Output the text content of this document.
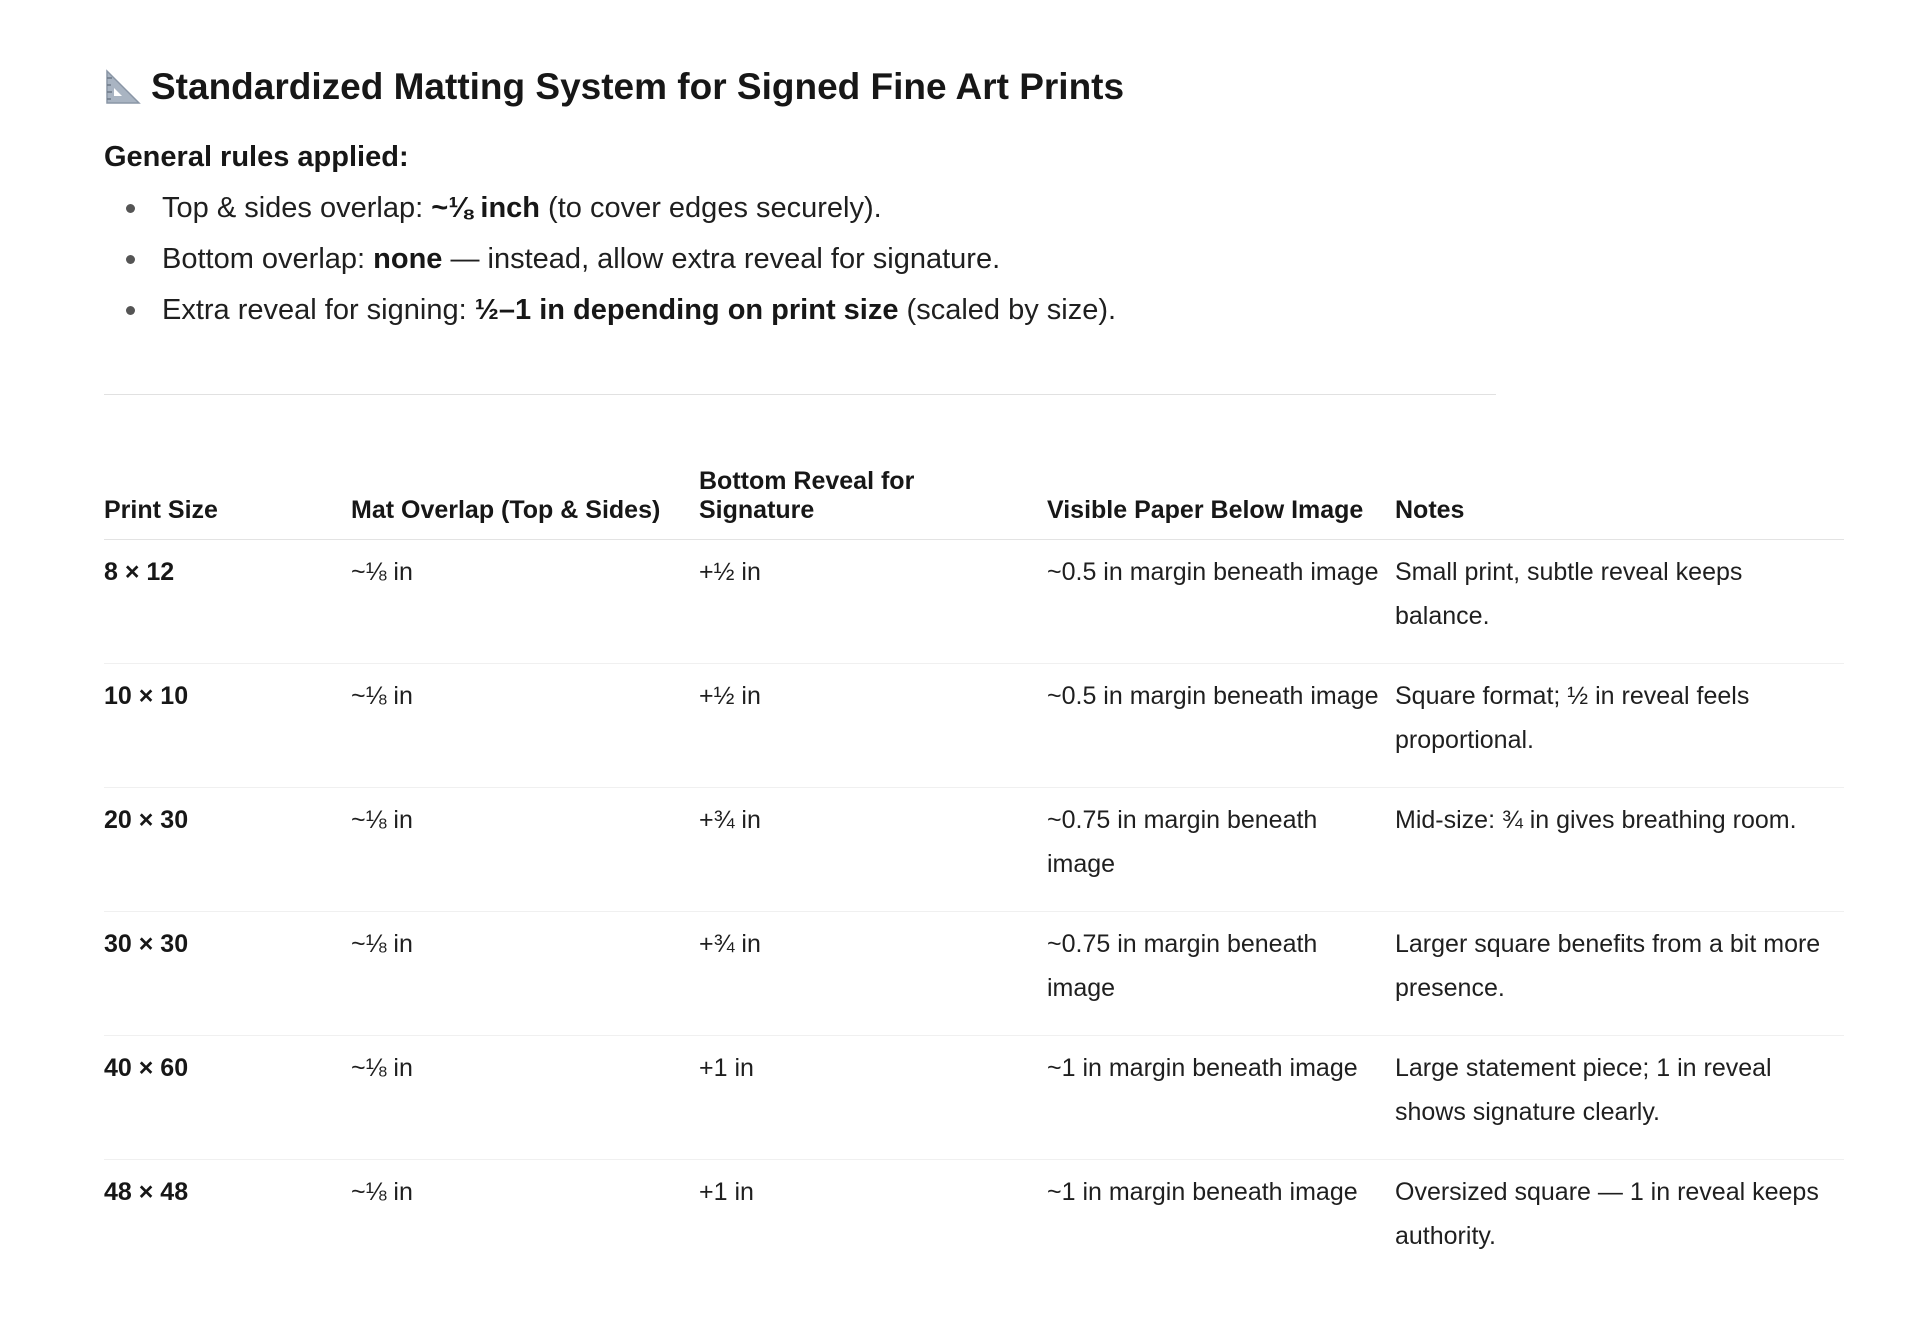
Standardized Matting System for Signed Fine Art Prints
General rules applied:
Top & sides overlap: ~⅛ inch (to cover edges securely).
Bottom overlap: none — instead, allow extra reveal for signature.
Extra reveal for signing: ½–1 in depending on print size (scaled by size).
Print Size	Mat Overlap (Top & Sides)	Bottom Reveal for Signature	Visible Paper Below Image	Notes
8 × 12	~⅛ in	+½ in	~0.5 in margin beneath image	Small print, subtle reveal keeps balance.
10 × 10	~⅛ in	+½ in	~0.5 in margin beneath image	Square format; ½ in reveal feels proportional.
20 × 30	~⅛ in	+¾ in	~0.75 in margin beneath image	Mid-size: ¾ in gives breathing room.
30 × 30	~⅛ in	+¾ in	~0.75 in margin beneath image	Larger square benefits from a bit more presence.
40 × 60	~⅛ in	+1 in	~1 in margin beneath image	Large statement piece; 1 in reveal shows signature clearly.
48 × 48	~⅛ in	+1 in	~1 in margin beneath image	Oversized square — 1 in reveal keeps authority.
